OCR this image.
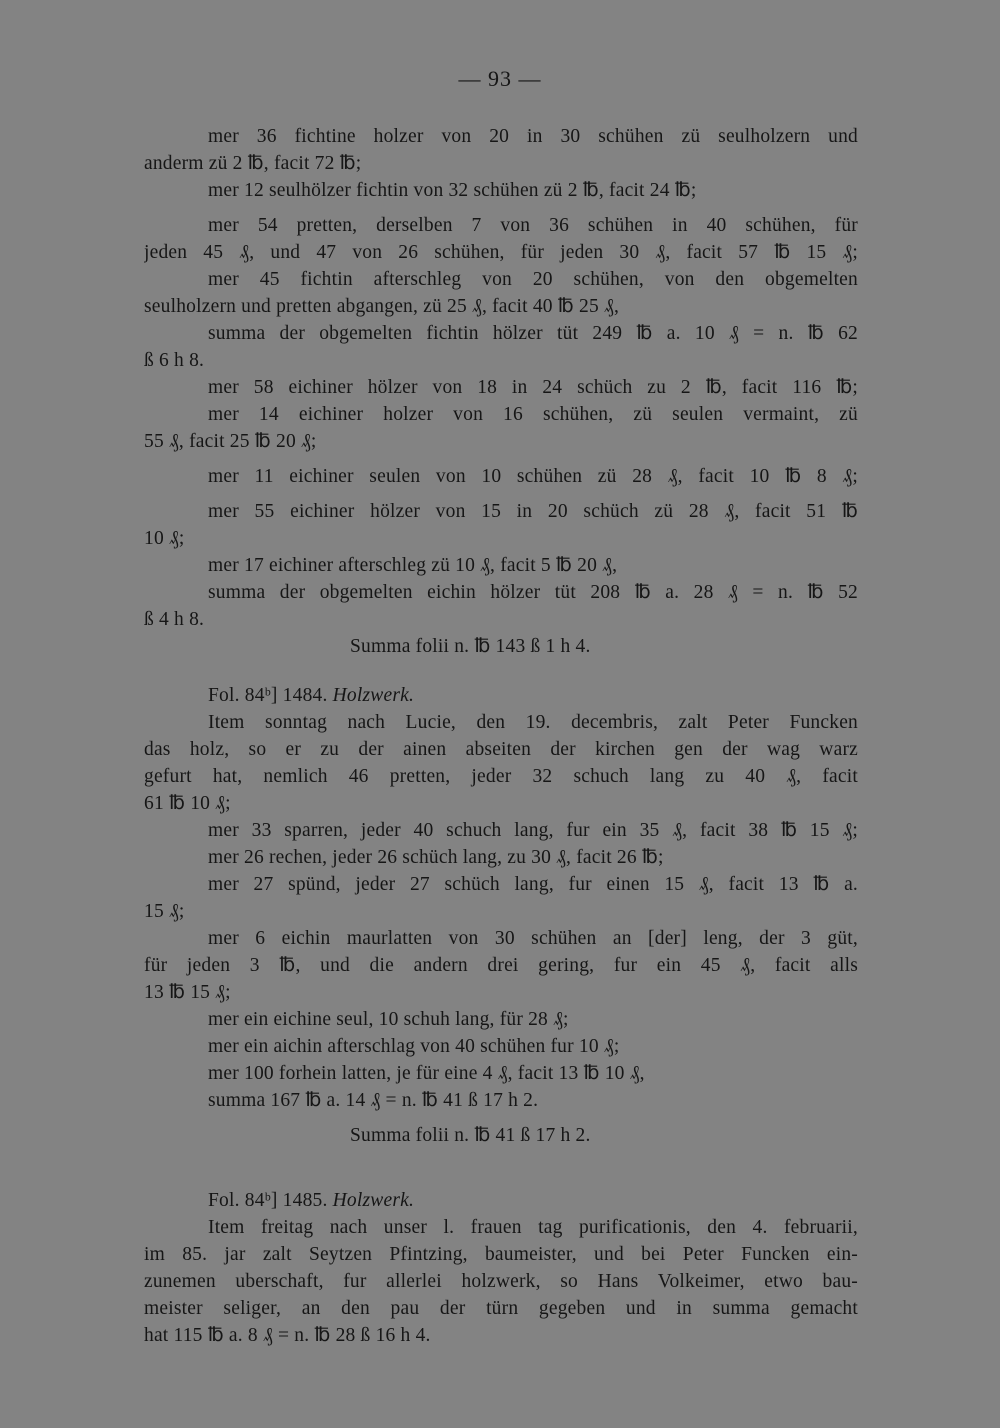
— 93 —
mer 36 fichtine holzer von 20 in 30 schühen zü seulholzern und
anderm zü 2 ℔, facit 72 ℔;
mer 12 seulhölzer fichtin von 32 schühen zü 2 ℔, facit 24 ℔;
mer 54 pretten, derselben 7 von 36 schühen in 40 schühen, für
jeden 45 ₰, und 47 von 26 schühen, für jeden 30 ₰, facit 57 ℔ 15 ₰;
mer 45 fichtin afterschleg von 20 schühen, von den obgemelten
seulholzern und pretten abgangen, zü 25 ₰, facit 40 ℔ 25 ₰,
summa der obgemelten fichtin hölzer tüt 249 ℔ a. 10 ₰ = n. ℔ 62
ß 6 h 8.
mer 58 eichiner hölzer von 18 in 24 schüch zu 2 ℔, facit 116 ℔;
mer 14 eichiner holzer von 16 schühen, zü seulen vermaint, zü
55 ₰, facit 25 ℔ 20 ₰;
mer 11 eichiner seulen von 10 schühen zü 28 ₰, facit 10 ℔ 8 ₰;
mer 55 eichiner hölzer von 15 in 20 schüch zü 28 ₰, facit 51 ℔
10 ₰;
mer 17 eichiner afterschleg zü 10 ₰, facit 5 ℔ 20 ₰,
summa der obgemelten eichin hölzer tüt 208 ℔ a. 28 ₰ = n. ℔ 52
ß 4 h 8.
Summa folii n. ℔ 143 ß 1 h 4.
Fol. 84ᵇ] 1484. Holzwerk.
Item sonntag nach Lucie, den 19. decembris, zalt Peter Funcken
das holz, so er zu der ainen abseiten der kirchen gen der wag warz
gefurt hat, nemlich 46 pretten, jeder 32 schuch lang zu 40 ₰, facit
61 ℔ 10 ₰;
mer 33 sparren, jeder 40 schuch lang, fur ein 35 ₰, facit 38 ℔ 15 ₰;
mer 26 rechen, jeder 26 schüch lang, zu 30 ₰, facit 26 ℔;
mer 27 spünd, jeder 27 schüch lang, fur einen 15 ₰, facit 13 ℔ a.
15 ₰;
mer 6 eichin maurlatten von 30 schühen an [der] leng, der 3 güt,
für jeden 3 ℔, und die andern drei gering, fur ein 45 ₰, facit alls
13 ℔ 15 ₰;
mer ein eichine seul, 10 schuh lang, für 28 ₰;
mer ein aichin afterschlag von 40 schühen fur 10 ₰;
mer 100 forhein latten, je für eine 4 ₰, facit 13 ℔ 10 ₰,
summa 167 ℔ a. 14 ₰ = n. ℔ 41 ß 17 h 2.
Summa folii n. ℔ 41 ß 17 h 2.
Fol. 84ᵇ] 1485. Holzwerk.
Item freitag nach unser l. frauen tag purificationis, den 4. februarii,
im 85. jar zalt Seytzen Pfintzing, baumeister, und bei Peter Funcken ein-
zunemen uberschaft, fur allerlei holzwerk, so Hans Volkeimer, etwo bau-
meister seliger, an den pau der türn gegeben und in summa gemacht
hat 115 ℔ a. 8 ₰ = n. ℔ 28 ß 16 h 4.
